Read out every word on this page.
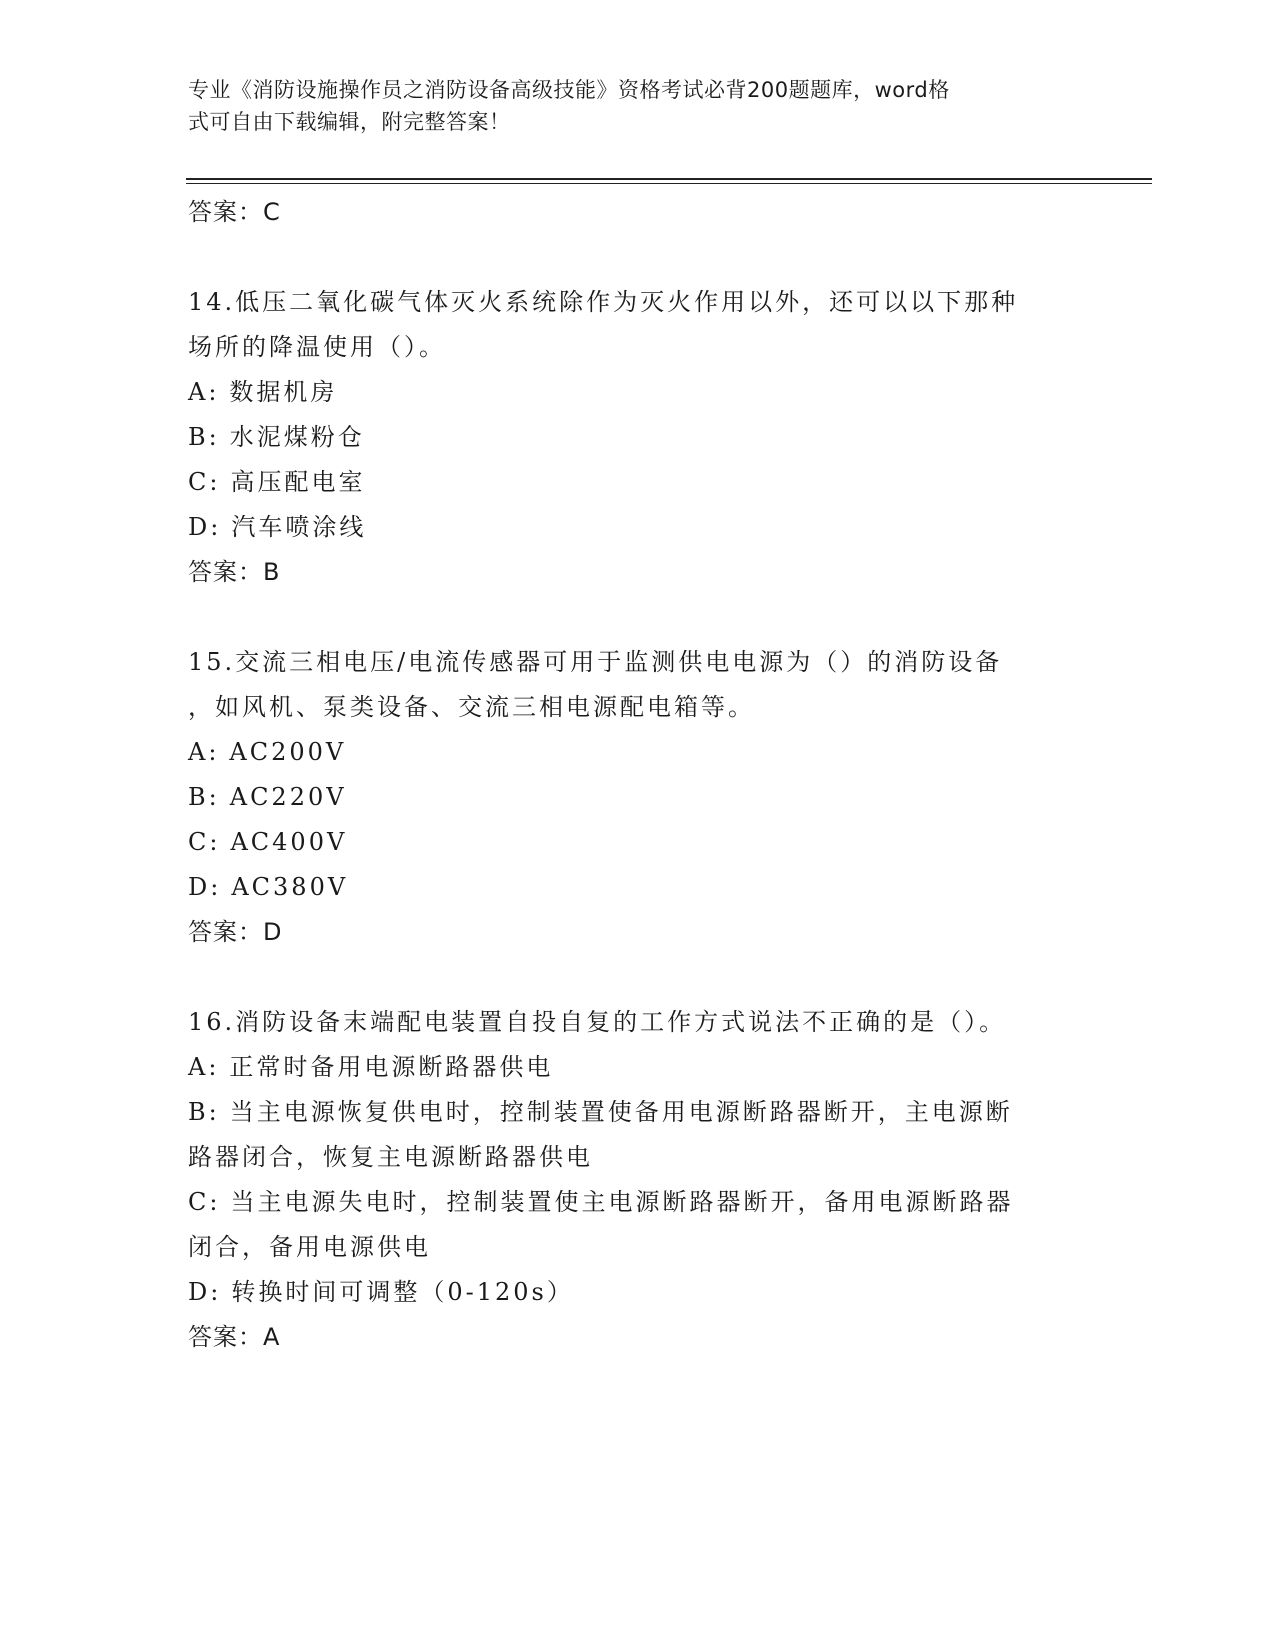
专业《消防设施操作员之消防设备高级技能》资格考试必背200题题库，word格
式可自由下载编辑，附完整答案！
答案：C
14.低压二氧化碳气体灭火系统除作为灭火作用以外，还可以以下那种
场所的降温使用（）。
A: 数据机房
B: 水泥煤粉仓
C: 高压配电室
D: 汽车喷涂线
答案：B
15.交流三相电压/电流传感器可用于监测供电电源为（）的消防设备
，如风机、泵类设备、交流三相电源配电箱等。
A: AC200V
B: AC220V
C: AC400V
D: AC380V
答案：D
16.消防设备末端配电装置自投自复的工作方式说法不正确的是（）。
A: 正常时备用电源断路器供电
B: 当主电源恢复供电时，控制装置使备用电源断路器断开，主电源断
路器闭合，恢复主电源断路器供电
C: 当主电源失电时，控制装置使主电源断路器断开，备用电源断路器
闭合，备用电源供电
D: 转换时间可调整（0-120s）
答案：A
